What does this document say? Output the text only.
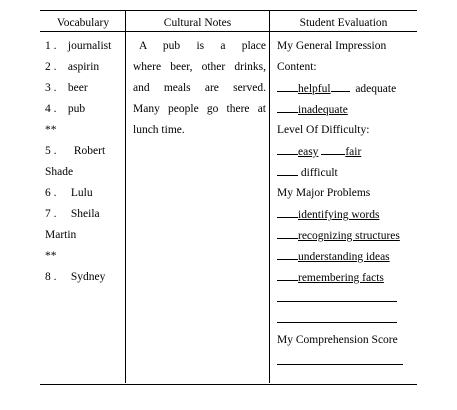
Vocabulary	Cultural Notes	Student Evaluation
1 . journalist
2 . aspirin
3 . beer
4 . pub
**
5 . Robert
Shade
6 . Lulu
7 . Sheila
Martin
**
8 . Sydney
A pub is a place
where beer, other drinks,
and meals are served.
Many people go there at
lunch time.
My General Impression
Content:
helpful adequate
inadequate
Level Of Difficulty:
easy fair
difficult
My Major Problems
identifying words
recognizing structures
understanding ideas
remembering facts
My Comprehension Score
